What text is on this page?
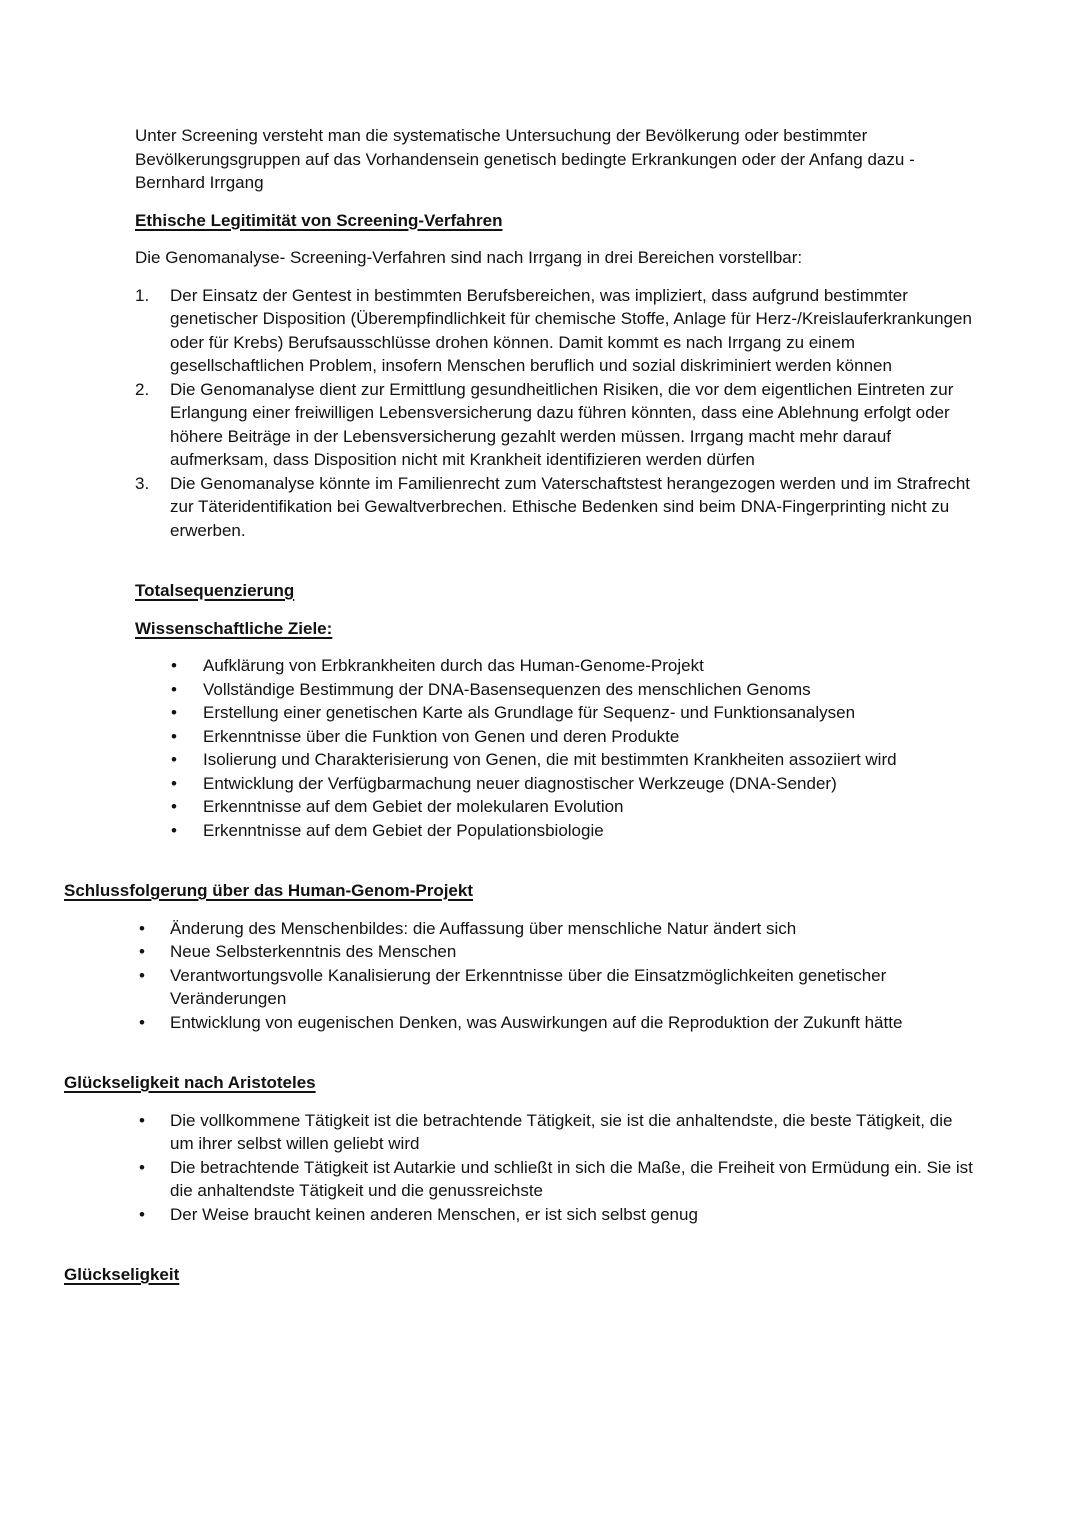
Unter Screening versteht man die systematische Untersuchung der Bevölkerung oder bestimmter Bevölkerungsgruppen auf das Vorhandensein genetisch bedingte Erkrankungen oder der Anfang dazu - Bernhard Irrgang

Ethische Legitimität von Screening-Verfahren

Die Genomanalyse- Screening-Verfahren sind nach Irrgang in drei Bereichen vorstellbar:

1. Der Einsatz der Gentest in bestimmten Berufsbereichen, was impliziert, dass aufgrund bestimmter genetischer Disposition (Überempfindlichkeit für chemische Stoffe, Anlage für Herz-/Kreislauferkrankungen oder für Krebs) Berufsausschlüsse drohen können. Damit kommt es nach Irrgang zu einem gesellschaftlichen Problem, insofern Menschen beruflich und sozial diskriminiert werden können
2. Die Genomanalyse dient zur Ermittlung gesundheitlichen Risiken, die vor dem eigentlichen Eintreten zur Erlangung einer freiwilligen Lebensversicherung dazu führen könnten, dass eine Ablehnung erfolgt oder höhere Beiträge in der Lebensversicherung gezahlt werden müssen. Irrgang macht mehr darauf aufmerksam, dass Disposition nicht mit Krankheit identifizieren werden dürfen
3. Die Genomanalyse könnte im Familienrecht zum Vaterschaftstest herangezogen werden und im Strafrecht zur Täteridentifikation bei Gewaltverbrechen. Ethische Bedenken sind beim DNA-Fingerprinting nicht zu erwerben.
Totalsequenzierung
Wissenschaftliche Ziele:
• Aufklärung von Erbkrankheiten durch das Human-Genome-Projekt
• Vollständige Bestimmung der DNA-Basensequenzen des menschlichen Genoms
• Erstellung einer genetischen Karte als Grundlage für Sequenz- und Funktionsanalysen
• Erkenntnisse über die Funktion von Genen und deren Produkte
• Isolierung und Charakterisierung von Genen, die mit bestimmten Krankheiten assoziiert wird
• Entwicklung der Verfügbarmachung neuer diagnostischer Werkzeuge (DNA-Sender)
• Erkenntnisse auf dem Gebiet der molekularen Evolution
• Erkenntnisse auf dem Gebiet der Populationsbiologie
Schlussfolgerung über das Human-Genom-Projekt
• Änderung des Menschenbildes: die Auffassung über menschliche Natur ändert sich
• Neue Selbsterkenntnis des Menschen
• Verantwortungsvolle Kanalisierung der Erkenntnisse über die Einsatzmöglichkeiten genetischer Veränderungen
• Entwicklung von eugenischen Denken, was Auswirkungen auf die Reproduktion der Zukunft hätte
Glückseligkeit nach Aristoteles
• Die vollkommene Tätigkeit ist die betrachtende Tätigkeit, sie ist die anhaltendste, die beste Tätigkeit, die um ihrer selbst willen geliebt wird
• Die betrachtende Tätigkeit ist Autarkie und schließt in sich die Maße, die Freiheit von Ermüdung ein. Sie ist die anhaltendste Tätigkeit und die genussreichste
• Der Weise braucht keinen anderen Menschen, er ist sich selbst genug
Glückseligkeit
